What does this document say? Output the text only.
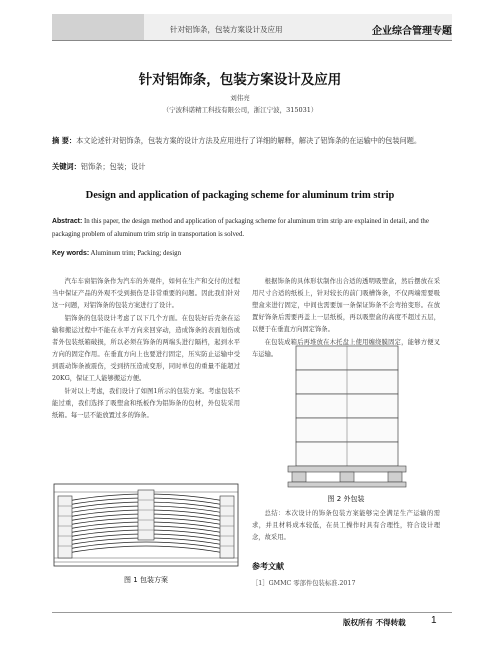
针对铝饰条，包装方案设计及应用	企业综合管理专题
针对铝饰条，包装方案设计及应用
刘伟亮
（宁波科诺精工科技有限公司，浙江宁波，315031）
摘 要：本文论述针对铝饰条，包装方案的设计方法及应用进行了详细的解释，解决了铝饰条的在运输中的包装问题。
关键词：铝饰条；包装；设计
Design and application of packaging scheme for aluminum trim strip
Abstract: In this paper, the design method and application of packaging scheme for aluminum trim strip are explained in detail, and the packaging problem of aluminum trim strip in transportation is solved.
Key words: Aluminum trim; Packing; design

汽车车窗铝饰条作为汽车的外观件，如何在生产和交付的过程当中保证产品的外观不受到损伤是非常重要的问题。因此我们针对这一问题，对铝饰条的包装方案进行了设计。

铝饰条的包装设计考虑了以下几个方面。在包装好后壳条在运输和搬运过程中不能在水平方向来回穿动，造成饰条的表面划伤或者外包装纸箱破损，所以必须在饰条的两端头进行隔档，起到水平方向的固定作用。在垂直方向上也要进行固定，压实防止运输中受到震动饰条被震伤，受到挤压造成变形，同时单包的重量不能超过20KG，保证工人能够搬运方便。

针对以上考虑，我们设计了如图1所示的包装方案。考虑包装不能过重，我们选择了吸塑盒和纸板作为铝饰条的包材，外包装采用纸箱。每一层不能放置过多的饰条。

图 1 包装方案

根据饰条的具体形状制作出合适的透明吸塑盒，然后摆放在采用尺寸合适的纸板上，针对较长的前门吸槽饰条，不仅两端需要吸塑盒来进行固定，中间也需要加一条保证饰条不会弯拍变形。在放置好饰条后需要再盖上一层纸板，再以吸塑盒的高度不超过五层，以便于在垂直方向固定饰条。

在包装成箱后再堆放在木托盘上使用缠绕膜固定，能够方便叉车运输。

图 2 外包装

总结：本次设计的饰条包装方案能够完全满足生产运输的需求，并且材料成本较低，在员工操作时具有合理性，符合设计理念，故采用。

参考文献
［1］GMMC 零部件包装标准.2017
版权所有 不得转载	1
